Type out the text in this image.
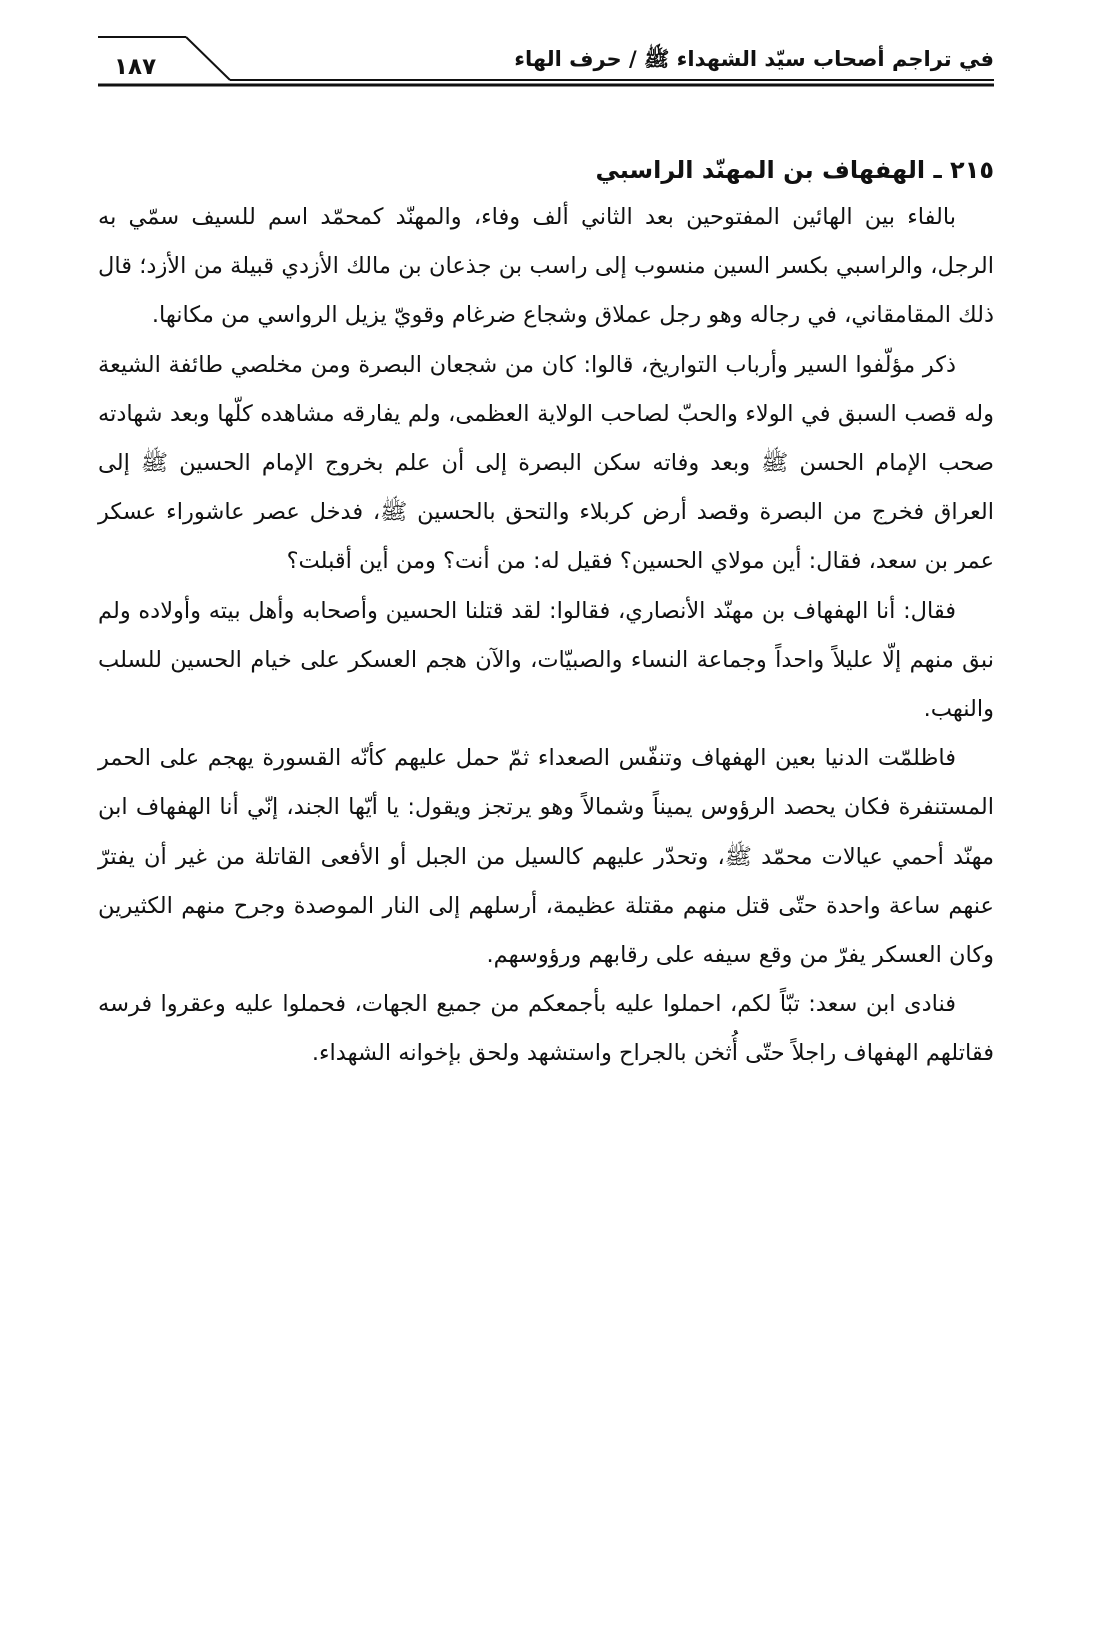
١٨٧	في تراجم أصحاب سيّد الشهداء ﷺ / حرف الهاء
٢١٥ ـ الهفهاف بن المهنّد الراسبي

بالفاء بين الهائين المفتوحين بعد الثاني ألف وفاء، والمهنّد كمحمّد اسم للسيف سمّي به الرجل، والراسبي بكسر السين منسوب إلى راسب بن جذعان بن مالك الأزدي قبيلة من الأزد؛ قال ذلك المقامقاني، في رجاله وهو رجل عملاق وشجاع ضرغام وقويّ يزيل الرواسي من مكانها.

ذكر مؤلّفوا السير وأرباب التواريخ، قالوا: كان من شجعان البصرة ومن مخلصي طائفة الشيعة وله قصب السبق في الولاء والحبّ لصاحب الولاية العظمى، ولم يفارقه مشاهده كلّها وبعد شهادته صحب الإمام الحسن ﷺ وبعد وفاته سكن البصرة إلى أن علم بخروج الإمام الحسين ﷺ إلى العراق فخرج من البصرة وقصد أرض كربلاء والتحق بالحسين ﷺ، فدخل عصر عاشوراء عسكر عمر بن سعد، فقال: أين مولاي الحسين؟ فقيل له: من أنت؟ ومن أين أقبلت؟

فقال: أنا الهفهاف بن مهنّد الأنصاري، فقالوا: لقد قتلنا الحسين وأصحابه وأهل بيته وأولاده ولم نبق منهم إلّا عليلاً واحداً وجماعة النساء والصبيّات، والآن هجم العسكر على خيام الحسين للسلب والنهب.

فاظلمّت الدنيا بعين الهفهاف وتنفّس الصعداء ثمّ حمل عليهم كأنّه القسورة يهجم على الحمر المستنفرة فكان يحصد الرؤوس يميناً وشمالاً وهو يرتجز ويقول: يا أيّها الجند، إنّي أنا الهفهاف ابن مهنّد أحمي عيالات محمّد ﷺ، وتحدّر عليهم كالسيل من الجبل أو الأفعى القاتلة من غير أن يفترّ عنهم ساعة واحدة حتّى قتل منهم مقتلة عظيمة، أرسلهم إلى النار الموصدة وجرح منهم الكثيرين وكان العسكر يفرّ من وقع سيفه على رقابهم ورؤوسهم.

فنادى ابن سعد: تبّاً لكم، احملوا عليه بأجمعكم من جميع الجهات، فحملوا عليه وعقروا فرسه فقاتلهم الهفهاف راجلاً حتّى أُثخن بالجراح واستشهد ولحق بإخوانه الشهداء.
